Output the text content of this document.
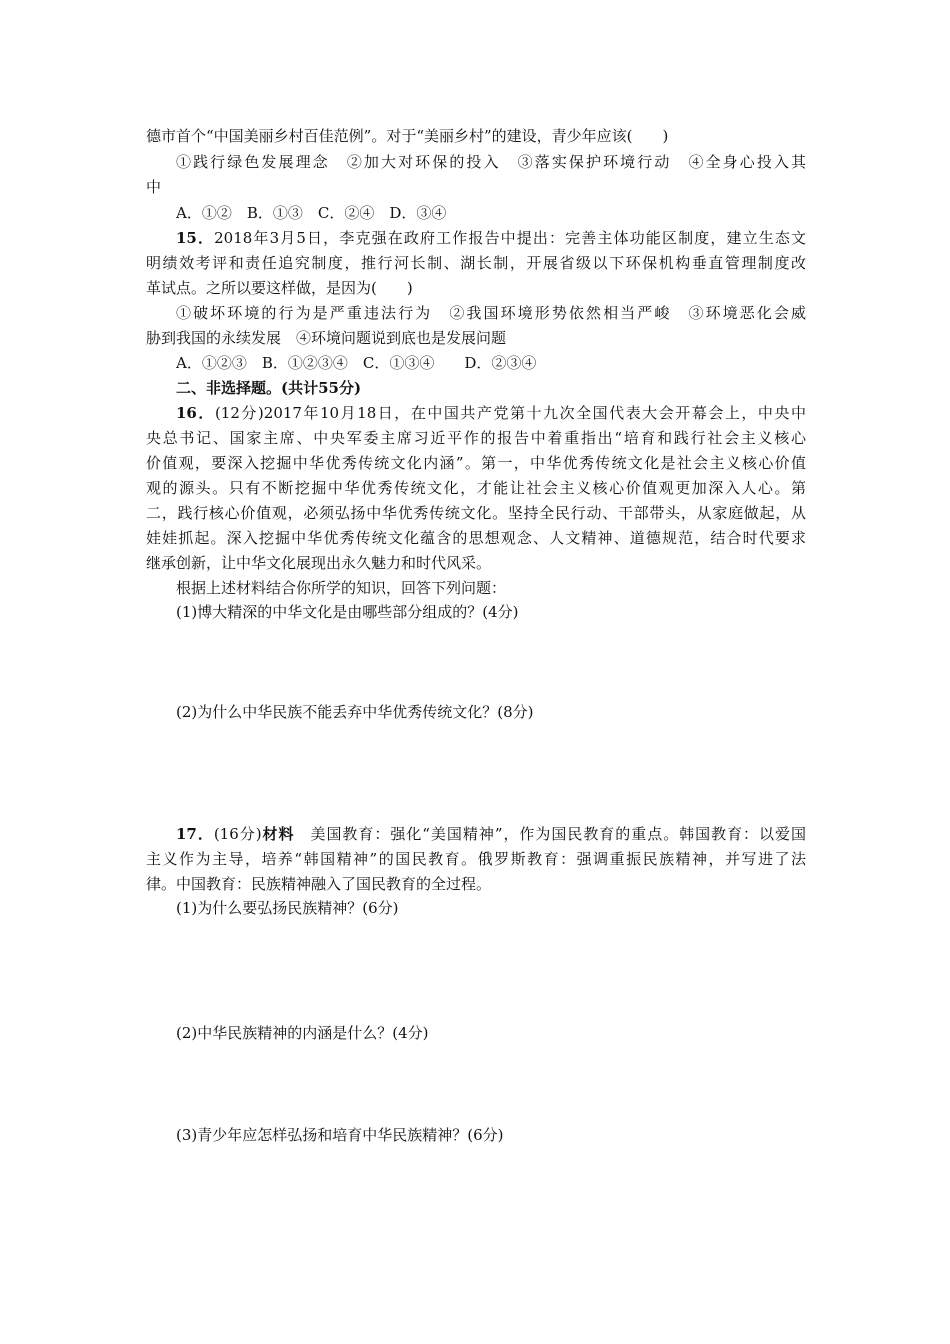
德市首个“中国美丽乡村百佳范例”。对于“美丽乡村”的建设，青少年应该(　　)
①践行绿色发展理念　②加大对环保的投入　③落实保护环境行动　④全身心投入其
中
A．①②　B．①③　C．②④　D．③④
15．2018年3月5日，李克强在政府工作报告中提出：完善主体功能区制度，建立生态文
明绩效考评和责任追究制度，推行河长制、湖长制，开展省级以下环保机构垂直管理制度改
革试点。之所以要这样做，是因为(　　)
①破坏环境的行为是严重违法行为　②我国环境形势依然相当严峻　③环境恶化会威
胁到我国的永续发展　④环境问题说到底也是发展问题
A．①②③　B．①②③④　C．①③④　　D．②③④
二、非选择题。(共计55分)
16．(12分)2017年10月18日，在中国共产党第十九次全国代表大会开幕会上，中央中
央总书记、国家主席、中央军委主席习近平作的报告中着重指出“培育和践行社会主义核心
价值观，要深入挖掘中华优秀传统文化内涵”。第一，中华优秀传统文化是社会主义核心价值
观的源头。只有不断挖掘中华优秀传统文化，才能让社会主义核心价值观更加深入人心。第
二，践行核心价值观，必须弘扬中华优秀传统文化。坚持全民行动、干部带头，从家庭做起，从
娃娃抓起。深入挖掘中华优秀传统文化蕴含的思想观念、人文精神、道德规范，结合时代要求
继承创新，让中华文化展现出永久魅力和时代风采。
根据上述材料结合你所学的知识，回答下列问题：
(1)博大精深的中华文化是由哪些部分组成的？(4分)
(2)为什么中华民族不能丢弃中华优秀传统文化？(8分)
17．(16分)材料　美国教育：强化“美国精神”，作为国民教育的重点。韩国教育：以爱国
主义作为主导，培养“韩国精神”的国民教育。俄罗斯教育：强调重振民族精神，并写进了法
律。中国教育：民族精神融入了国民教育的全过程。
(1)为什么要弘扬民族精神？(6分)
(2)中华民族精神的内涵是什么？(4分)
(3)青少年应怎样弘扬和培育中华民族精神？(6分)
